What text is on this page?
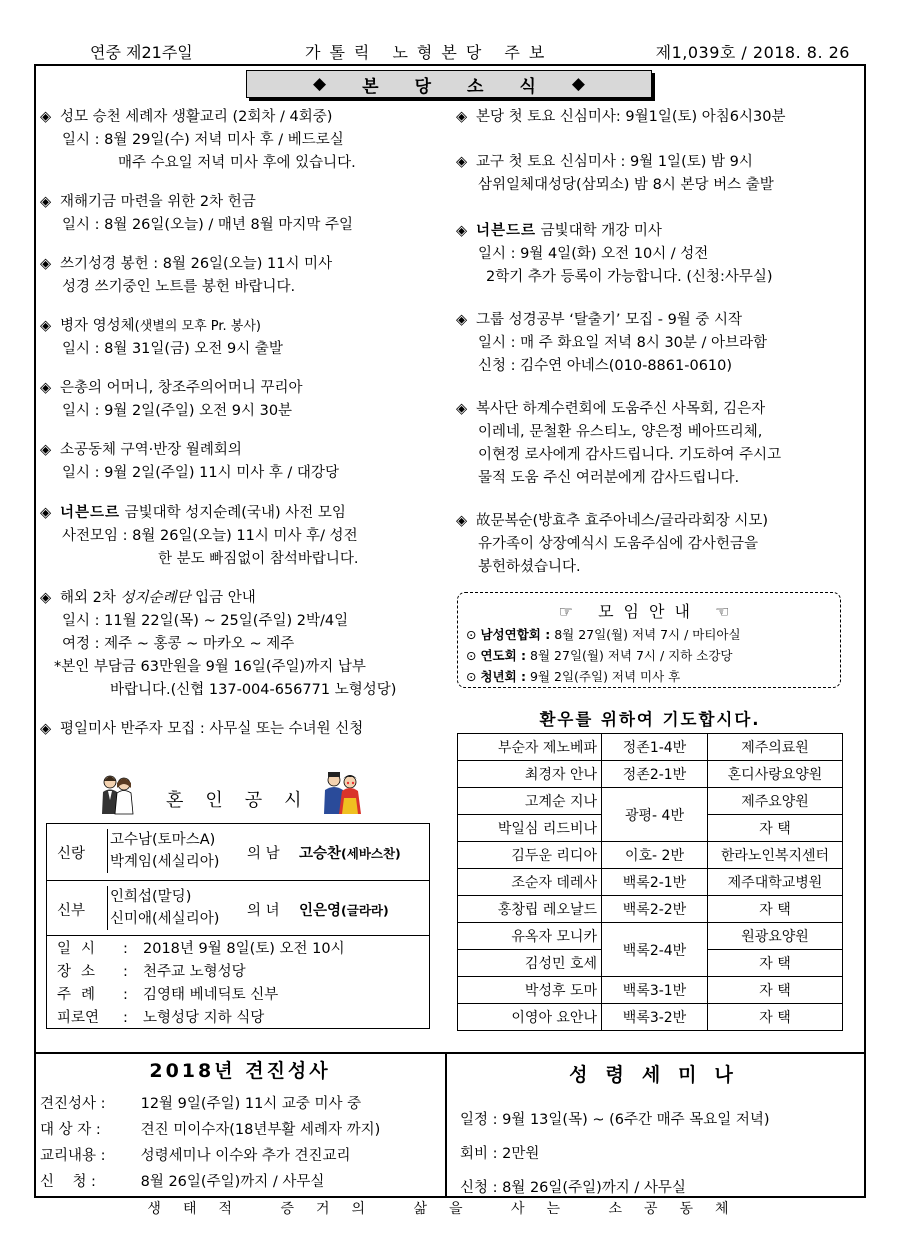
연중 제21주일	가톨릭 노형본당 주보	제1,039호 / 2018. 8. 26
◆ 본 당 소 식 ◆
◈ 성모 승천 세례자 생활교리 (2회차 / 4회중)
일시 : 8월 29일(수) 저녁 미사 후 / 베드로실
매주 수요일 저녁 미사 후에 있습니다.
◈ 재해기금 마련을 위한 2차 헌금
일시 : 8월 26일(오늘) / 매년 8월 마지막 주일
◈ 쓰기성경 봉헌 : 8월 26일(오늘) 11시 미사
성경 쓰기중인 노트를 봉헌 바랍니다.
◈ 병자 영성체(샛별의 모후 Pr. 봉사)
일시 : 8월 31일(금) 오전 9시 출발
◈ 은총의 어머니, 창조주의어머니 꾸리아
일시 : 9월 2일(주일) 오전 9시 30분
◈ 소공동체 구역·반장 월례회의
일시 : 9월 2일(주일) 11시 미사 후 / 대강당
◈ 너븐드르 금빛대학 성지순례(국내) 사전 모임
사전모임 : 8월 26일(오늘) 11시 미사 후/ 성전
한 분도 빠짐없이 참석바랍니다.
◈ 해외 2차 성지순례단 입금 안내
일시 : 11월 22일(목) ~ 25일(주일) 2박/4일
여정 : 제주 ~ 홍콩 ~ 마카오 ~ 제주
*본인 부담금 63만원을 9월 16일(주일)까지 납부
바랍니다.(신협 137-004-656771 노형성당)
◈ 평일미사 반주자 모집 : 사무실 또는 수녀원 신청
◈ 본당 첫 토요 신심미사: 9월1일(토) 아침6시30분
◈ 교구 첫 토요 신심미사 : 9월 1일(토) 밤 9시
삼위일체대성당(삼뫼소) 밤 8시 본당 버스 출발
◈ 너븐드르 금빛대학 개강 미사
일시 : 9월 4일(화) 오전 10시 / 성전
2학기 추가 등록이 가능합니다. (신청:사무실)
◈ 그룹 성경공부 ‘탈출기’ 모집 - 9월 중 시작
일시 : 매 주 화요일 저녁 8시 30분 / 아브라함
신청 : 김수연 아네스(010-8861-0610)
◈ 복사단 하계수련회에 도움주신 사목회, 김은자
이레네, 문철환 유스티노, 양은정 베아뜨리체,
이현정 로사에게 감사드립니다. 기도하여 주시고
물적 도움 주신 여러분에게 감사드립니다.
◈ 故문복순(방효추 효주아네스/글라라회장 시모)
유가족이 상장예식시 도움주심에 감사헌금을
봉헌하셨습니다.
☞ 모임안내 ☜
⊙ 남성연합회 : 8월 27일(월) 저녁 7시 / 마티아실
⊙ 연도회 : 8월 27일(월) 저녁 7시 / 지하 소강당
⊙ 청년회 : 9월 2일(주일) 저녁 미사 후
환우를 위하여 기도합시다.
부순자 제노베파	정존1-4반	제주의료원
최경자 안나	정존2-1반	혼디사랑요양원
고계순 지나	광평- 4반	제주요양원
박일심 리드비나		자 택
김두운 리디아	이호- 2반	한라노인복지센터
조순자 데레사	백록2-1반	제주대학교병원
홍창립 레오날드	백록2-2반	자 택
유옥자 모니카	백록2-4반	원광요양원
김성민 호세		자 택
박성후 도마	백록3-1반	자 택
이영아 요안나	백록3-2반	자 택
혼인공시
신랑
고수남(토마스A)
박계임(세실리아) 의 남 고승찬(세바스찬)
신부
인희섭(말딩)
신미애(세실리아) 의 녀 인은영(글라라)
일시 : 2018년 9월 8일(토) 오전 10시
장소 : 천주교 노형성당
주례 : 김영태 베네딕토 신부
피로연 : 노형성당 지하 식당
2018년 견진성사
견진성사 : 12월 9일(주일) 11시 교중 미사 중
대 상 자 :	견진 미이수자(18년부활 세례자 까지)
교리내용 : 성령세미나 이수와 추가 견진교리
신    청 :	8월 26일(주일)까지 / 사무실
성령세미나
일정 : 9월 13일(목) ~ (6주간 매주 목요일 저녁)
회비 : 2만원
신청 : 8월 26일(주일)까지 / 사무실
생태적 증거의 삶을 사는 소공동체
